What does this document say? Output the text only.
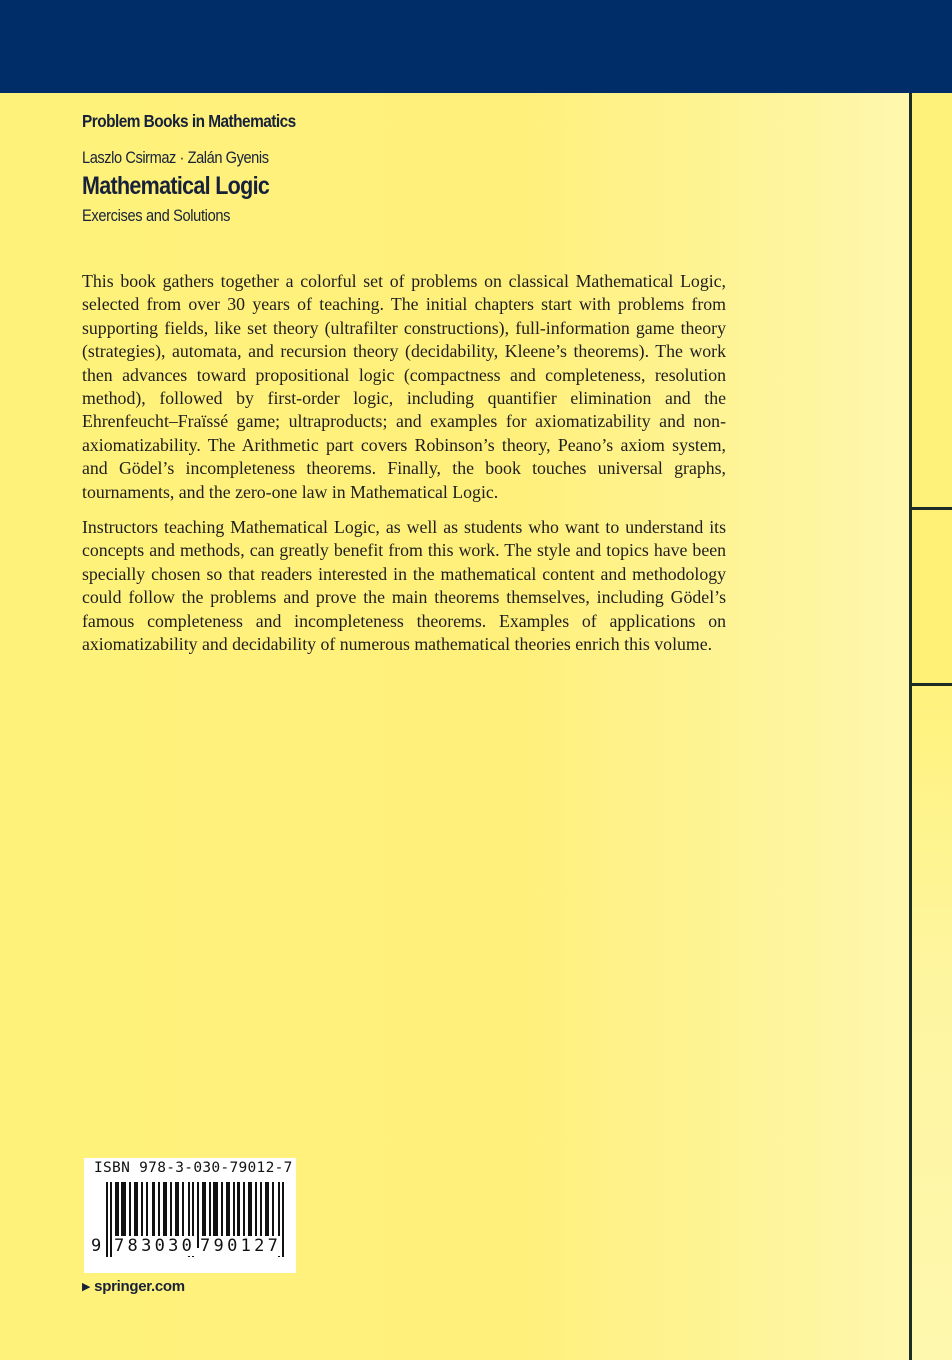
Problem Books in Mathematics
Laszlo Csirmaz · Zalán Gyenis
Mathematical Logic
Exercises and Solutions

This book gathers together a colorful set of problems on classical Mathematical Logic, selected from over 30 years of teaching. The initial chapters start with problems from supporting fields, like set theory (ultrafilter constructions), full-information game theory (strategies), automata, and recursion theory (decidability, Kleene’s theorems). The work then advances toward propositional logic (compactness and completeness, resolution method), followed by first-order logic, including quantifier elimination and the Ehrenfeucht–Fraïssé game; ultraproducts; and examples for axiomatizability and non-axiomatizability. The Arithmetic part covers Robinson’s theory, Peano’s axiom system, and Gödel’s incompleteness theorems. Finally, the book touches universal graphs, tournaments, and the zero-one law in Mathematical Logic.

Instructors teaching Mathematical Logic, as well as students who want to understand its concepts and methods, can greatly benefit from this work. The style and topics have been specially chosen so that readers interested in the mathematical content and methodology could follow the problems and prove the main theorems themselves, including Gödel’s famous completeness and incompleteness theorems. Examples of applications on axiomatizability and decidability of numerous mathematical theories enrich this volume.

ISBN 978-3-030-79012-7
9 783030 790127
▶ springer.com
